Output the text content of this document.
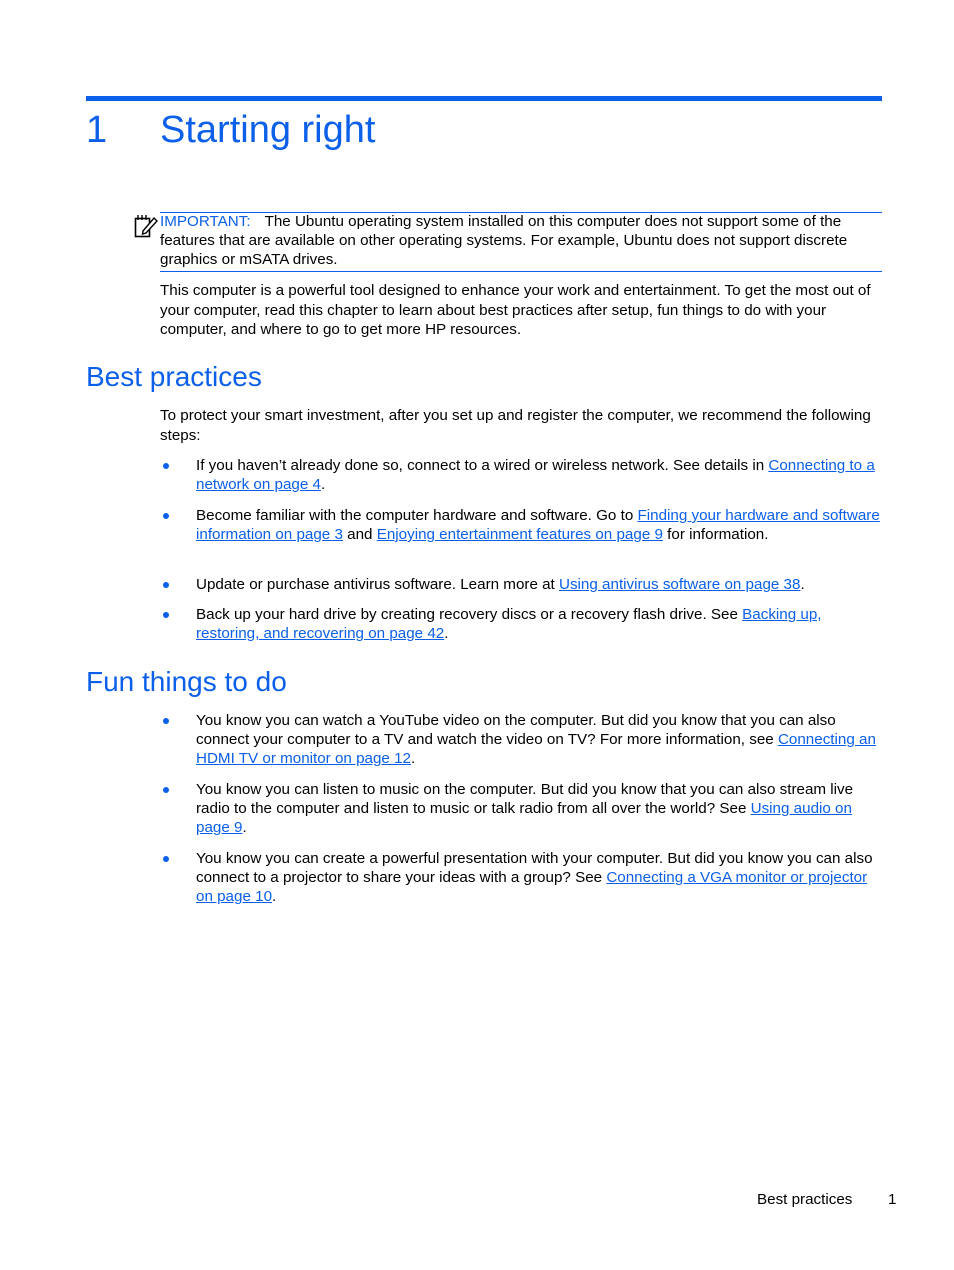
1 Starting right
IMPORTANT: The Ubuntu operating system installed on this computer does not support some of the features that are available on other operating systems. For example, Ubuntu does not support discrete graphics or mSATA drives.
This computer is a powerful tool designed to enhance your work and entertainment. To get the most out of your computer, read this chapter to learn about best practices after setup, fun things to do with your computer, and where to go to get more HP resources.
Best practices
To protect your smart investment, after you set up and register the computer, we recommend the following steps:
If you haven’t already done so, connect to a wired or wireless network. See details in Connecting to a network on page 4.
Become familiar with the computer hardware and software. Go to Finding your hardware and software information on page 3 and Enjoying entertainment features on page 9 for information.
Update or purchase antivirus software. Learn more at Using antivirus software on page 38.
Back up your hard drive by creating recovery discs or a recovery flash drive. See Backing up, restoring, and recovering on page 42.
Fun things to do
You know you can watch a YouTube video on the computer. But did you know that you can also connect your computer to a TV and watch the video on TV? For more information, see Connecting an HDMI TV or monitor on page 12.
You know you can listen to music on the computer. But did you know that you can also stream live radio to the computer and listen to music or talk radio from all over the world? See Using audio on page 9.
You know you can create a powerful presentation with your computer. But did you know you can also connect to a projector to share your ideas with a group? See Connecting a VGA monitor or projector on page 10.
Best practices 1
